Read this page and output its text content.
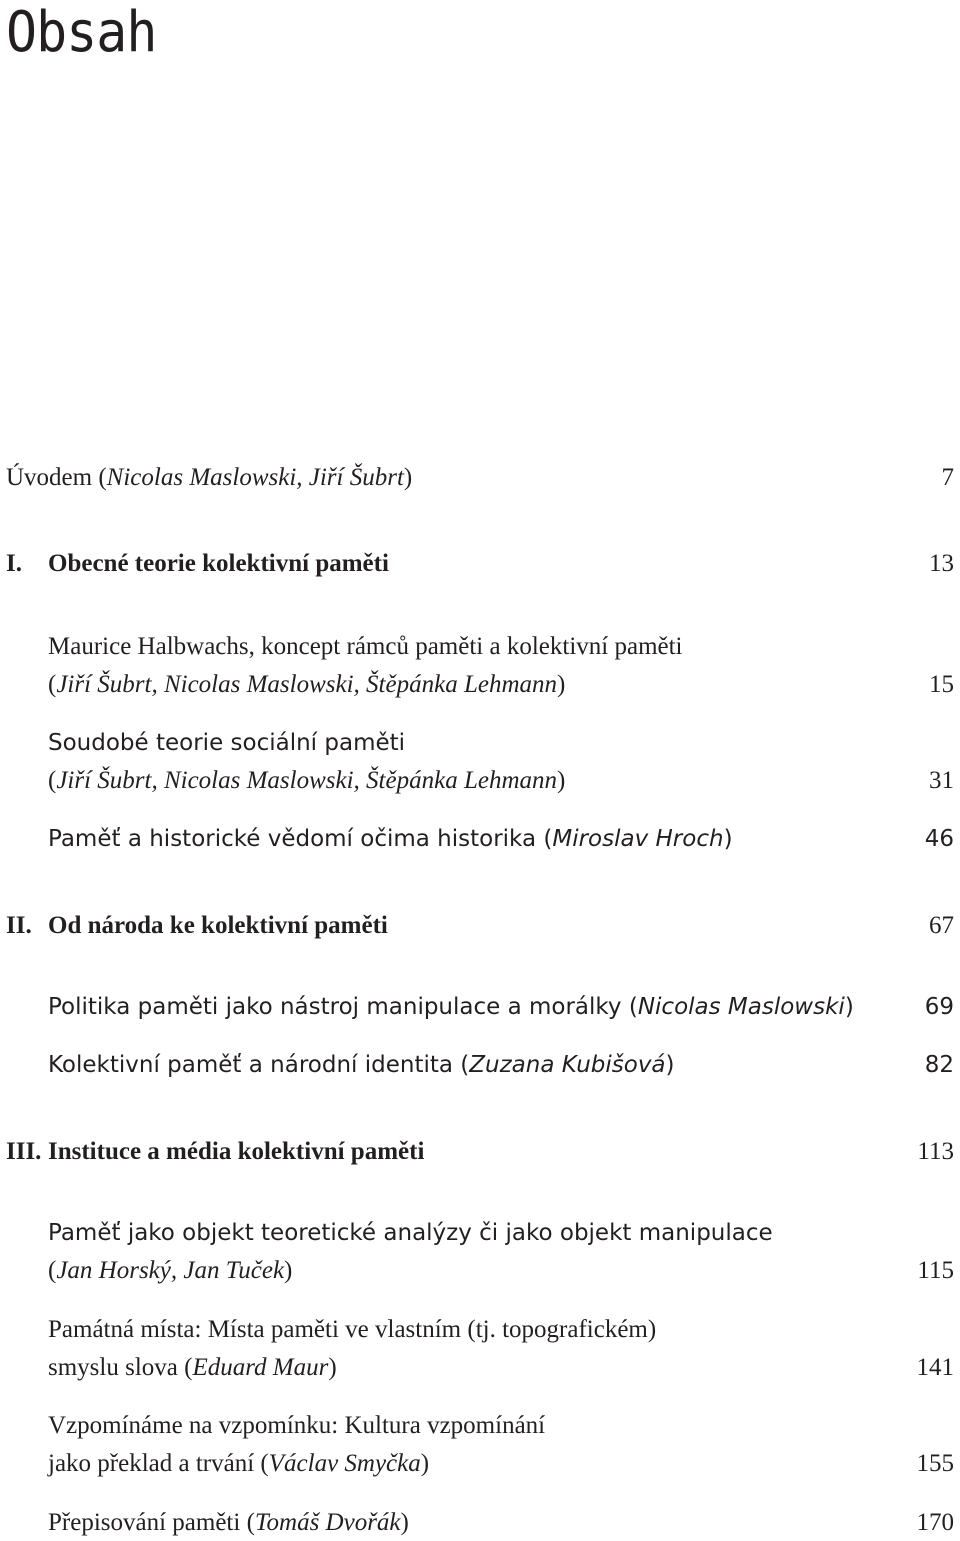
Obsah
Úvodem (Nicolas Maslowski, Jiří Šubrt)	7
I. Obecné teorie kolektivní paměti	13
Maurice Halbwachs, koncept rámců paměti a kolektivní paměti
(Jiří Šubrt, Nicolas Maslowski, Štěpánka Lehmann)	15
Soudobé teorie sociální paměti
(Jiří Šubrt, Nicolas Maslowski, Štěpánka Lehmann)	31
Paměť a historické vědomí očima historika (Miroslav Hroch)	46
II. Od národa ke kolektivní paměti	67
Politika paměti jako nástroj manipulace a morálky (Nicolas Maslowski)	69
Kolektivní paměť a národní identita (Zuzana Kubišová)	82
III. Instituce a média kolektivní paměti	113
Paměť jako objekt teoretické analýzy či jako objekt manipulace
(Jan Horský, Jan Tuček)	115
Památná místa: Místa paměti ve vlastním (tj. topografickém)
smyslu slova (Eduard Maur)	141
Vzpomínáme na vzpomínku: Kultura vzpomínání
jako překlad a trvání (Václav Smyčka)	155
Přepisování paměti (Tomáš Dvořák)	170
